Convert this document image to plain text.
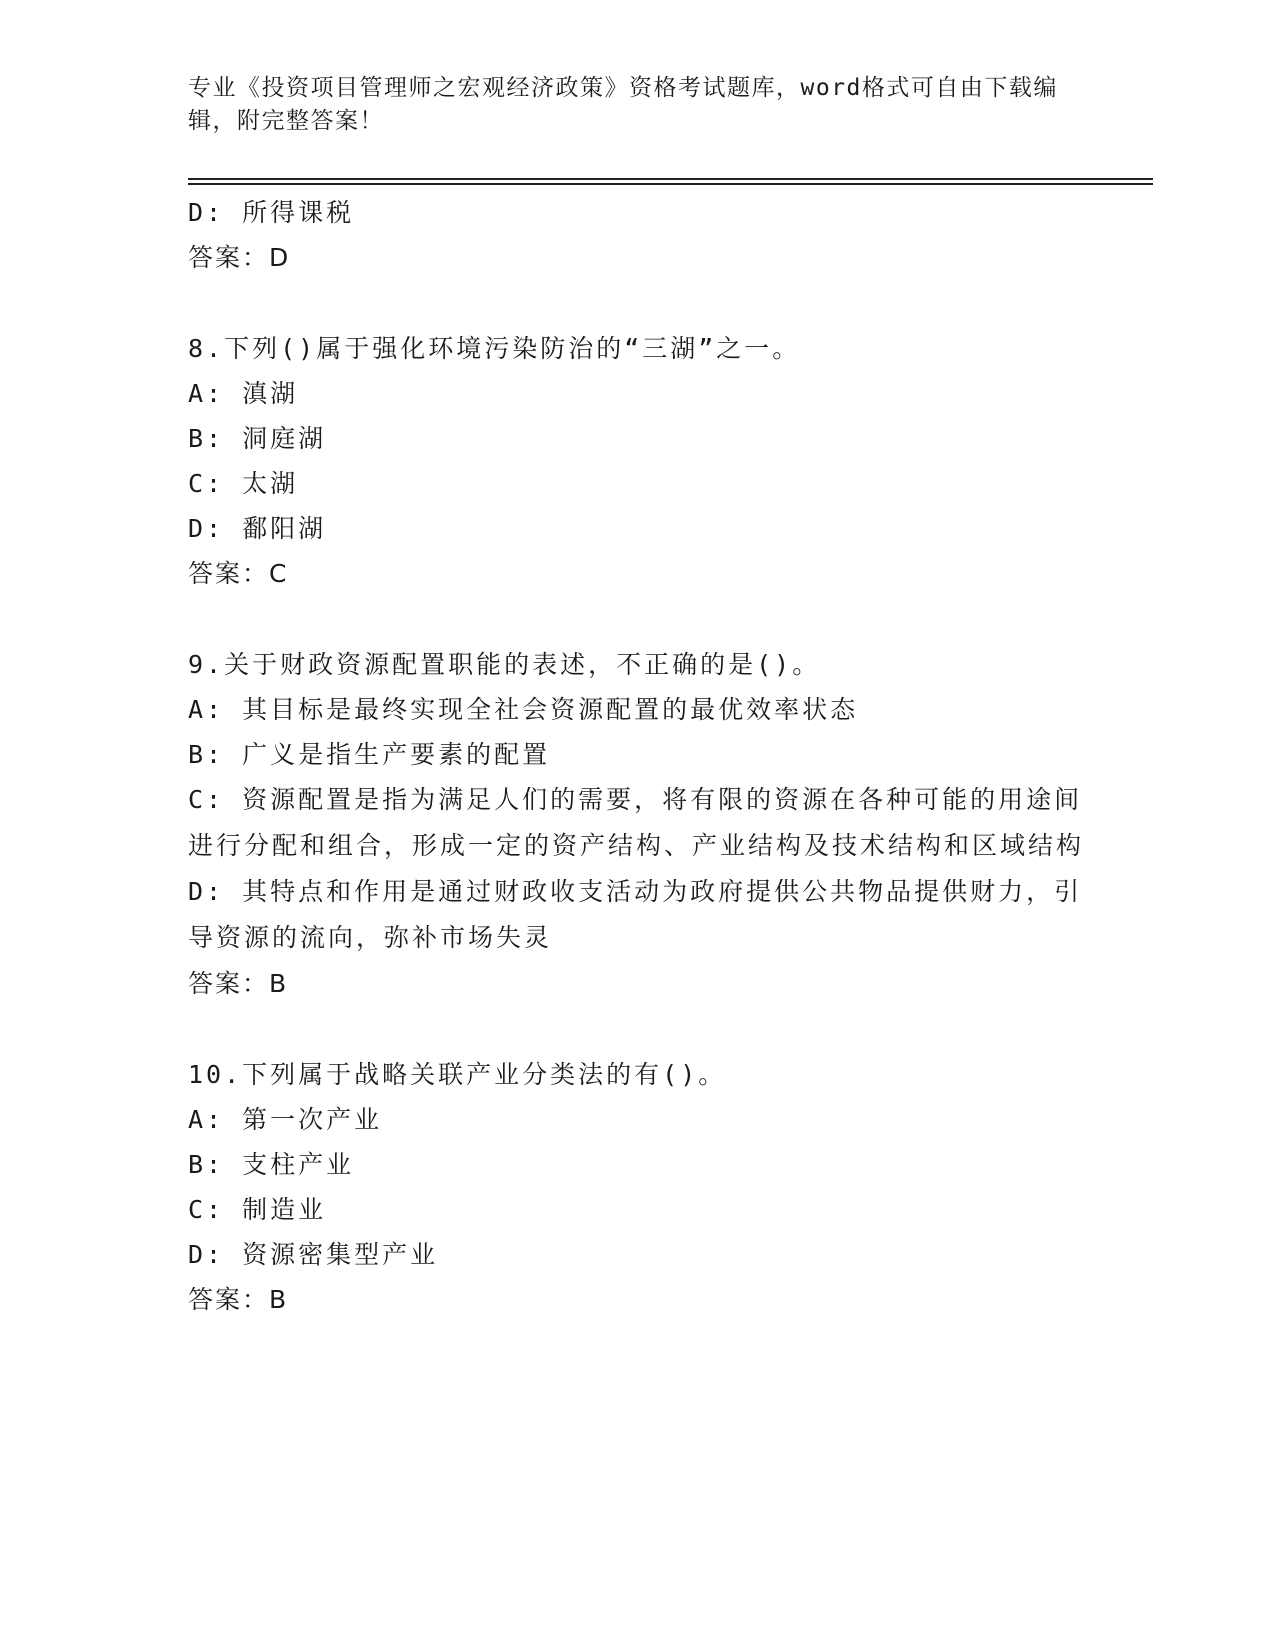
专业《投资项目管理师之宏观经济政策》资格考试题库，word格式可自由下载编辑，附完整答案！
D: 所得课税
答案：D
8.下列()属于强化环境污染防治的“三湖”之一。
A: 滇湖
B: 洞庭湖
C: 太湖
D: 鄱阳湖
答案：C
9.关于财政资源配置职能的表述，不正确的是()。
A: 其目标是最终实现全社会资源配置的最优效率状态
B: 广义是指生产要素的配置
C: 资源配置是指为满足人们的需要，将有限的资源在各种可能的用途间进行分配和组合，形成一定的资产结构、产业结构及技术结构和区域结构
D: 其特点和作用是通过财政收支活动为政府提供公共物品提供财力，引导资源的流向，弥补市场失灵
答案：B
10.下列属于战略关联产业分类法的有()。
A: 第一次产业
B: 支柱产业
C: 制造业
D: 资源密集型产业
答案：B
